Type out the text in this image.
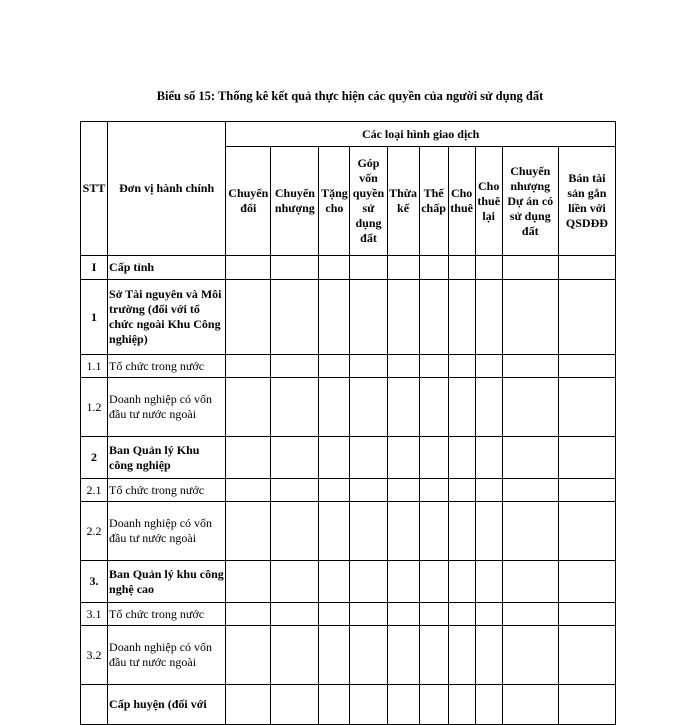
Biểu số 15: Thống kê kết quả thực hiện các quyền của người sử dụng đất
STT	Đơn vị hành chính	Các loại hình giao dịch									
		Chuyển đổi	Chuyển nhượng	Tặng cho	Góp vốn quyền sử dụng đất	Thừa kế	Thế chấp	Cho thuê	Cho thuê lại	Chuyển nhượng Dự án có sử dụng đất	Bán tài sản gắn liền với QSDĐĐ
I	Cấp tỉnh										
1	Sở Tài nguyên và Môi trường (đối với tổ chức ngoài Khu Công nghiệp)										
1.1	Tổ chức trong nước										
1.2	Doanh nghiệp có vốn đầu tư nước ngoài										
2	Ban Quản lý Khu công nghiệp										
2.1	Tổ chức trong nước										
2.2	Doanh nghiệp có vốn đầu tư nước ngoài										
3.	Ban Quản lý khu công nghệ cao										
3.1	Tổ chức trong nước										
3.2	Doanh nghiệp có vốn đầu tư nước ngoài										
	Cấp huyện (đối với										
